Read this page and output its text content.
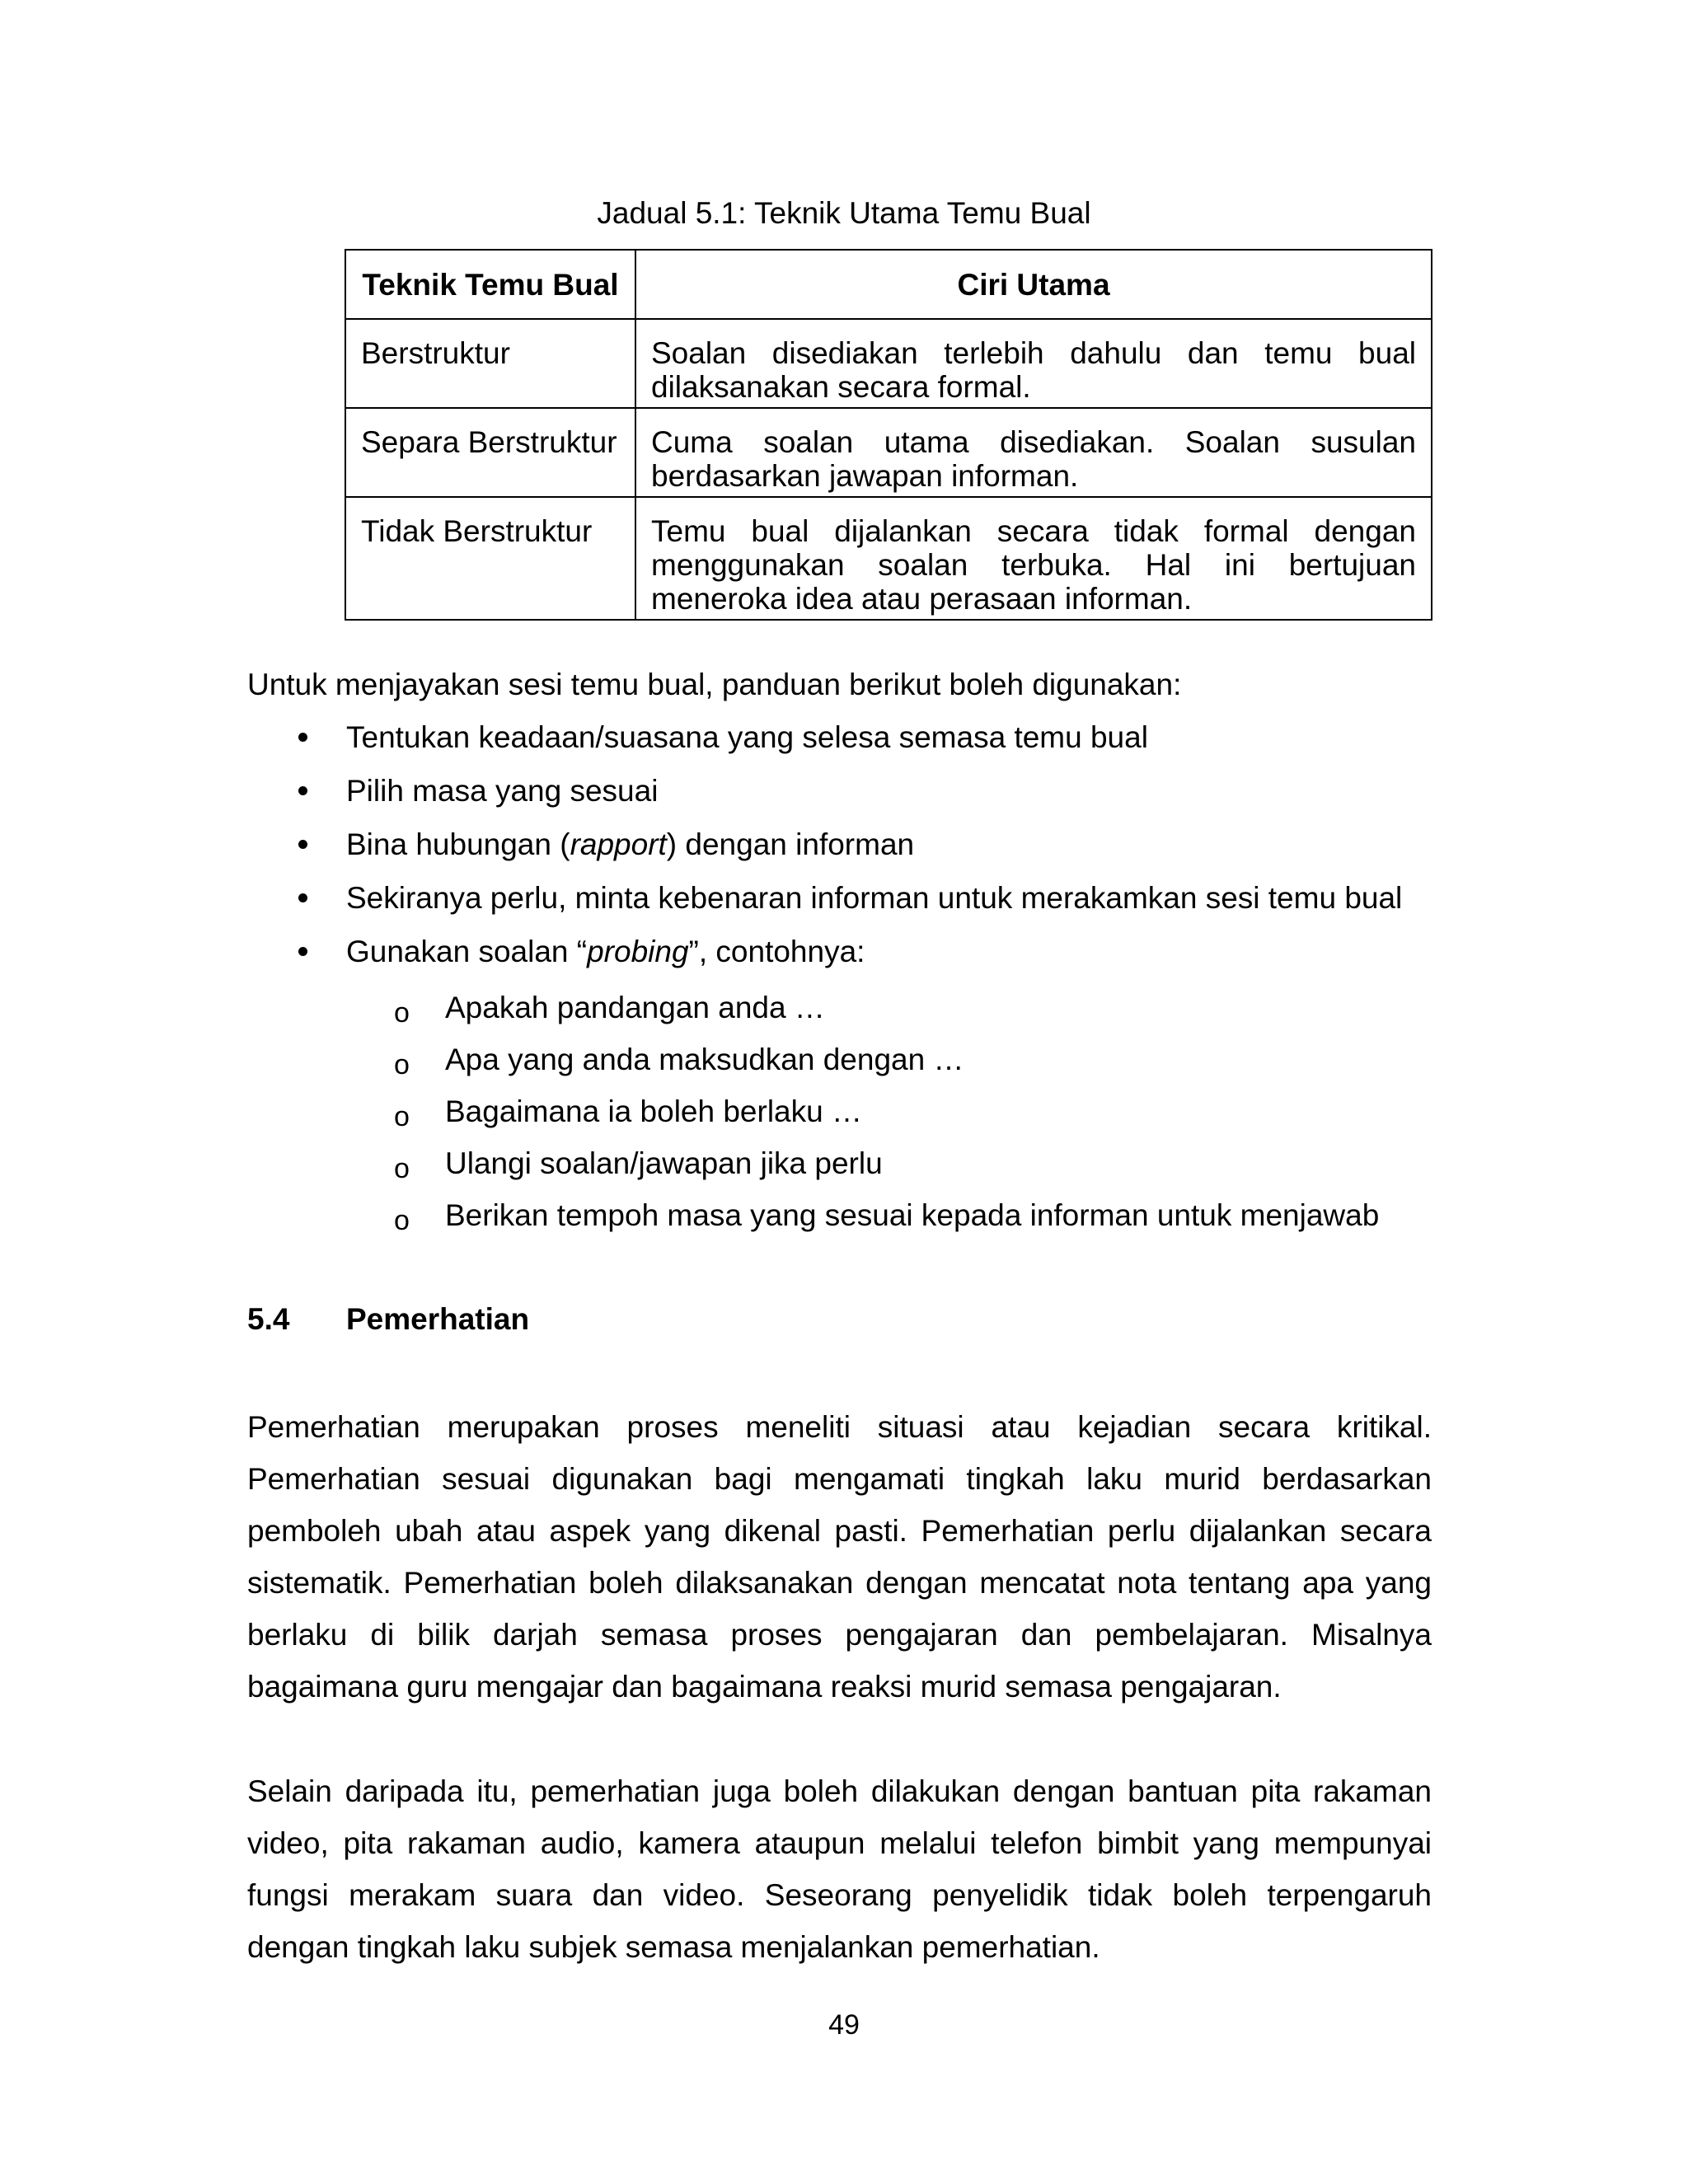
Jadual 5.1: Teknik Utama Temu Bual
Teknik Temu Bual	Ciri Utama
Berstruktur	Soalan disediakan terlebih dahulu dan temu bual dilaksanakan secara formal.
Separa Berstruktur	Cuma soalan utama disediakan. Soalan susulan berdasarkan jawapan informan.
Tidak Berstruktur	Temu bual dijalankan secara tidak formal dengan menggunakan soalan terbuka. Hal ini bertujuan meneroka idea atau perasaan informan.
Untuk menjayakan sesi temu bual, panduan berikut boleh digunakan:
Tentukan keadaan/suasana yang selesa semasa temu bual
Pilih masa yang sesuai
Bina hubungan (rapport) dengan informan
Sekiranya perlu, minta kebenaran informan untuk merakamkan sesi temu bual
Gunakan soalan “probing”, contohnya:
o Apakah pandangan anda …
o Apa yang anda maksudkan dengan …
o Bagaimana ia boleh berlaku …
o Ulangi soalan/jawapan jika perlu
o Berikan tempoh masa yang sesuai kepada informan untuk menjawab
5.4 Pemerhatian

Pemerhatian merupakan proses meneliti situasi atau kejadian secara kritikal. Pemerhatian sesuai digunakan bagi mengamati tingkah laku murid berdasarkan pemboleh ubah atau aspek yang dikenal pasti. Pemerhatian perlu dijalankan secara sistematik. Pemerhatian boleh dilaksanakan dengan mencatat nota tentang apa yang berlaku di bilik darjah semasa proses pengajaran dan pembelajaran. Misalnya bagaimana guru mengajar dan bagaimana reaksi murid semasa pengajaran.

Selain daripada itu, pemerhatian juga boleh dilakukan dengan bantuan pita rakaman video, pita rakaman audio, kamera ataupun melalui telefon bimbit yang mempunyai fungsi merakam suara dan video. Seseorang penyelidik tidak boleh terpengaruh dengan tingkah laku subjek semasa menjalankan pemerhatian.

49
